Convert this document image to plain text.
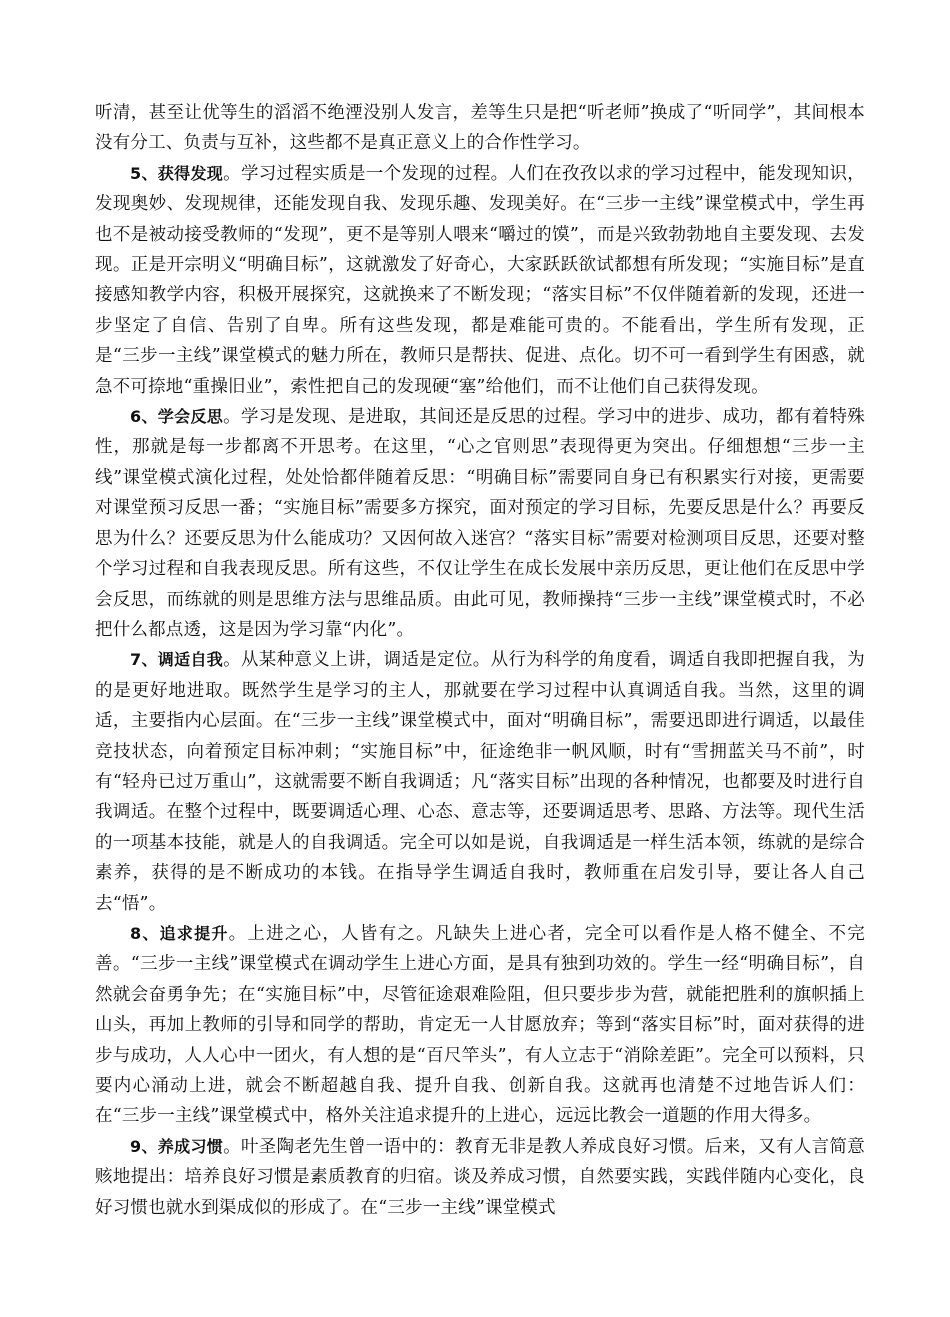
听清，甚至让优等生的滔滔不绝湮没别人发言，差等生只是把“听老师”换成了“听同学”，其间根本没有分工、负责与互补，这些都不是真正意义上的合作性学习。

5、获得发现。学习过程实质是一个发现的过程。人们在孜孜以求的学习过程中，能发现知识，发现奥妙、发现规律，还能发现自我、发现乐趣、发现美好。在“三步一主线”课堂模式中，学生再也不是被动接受教师的“发现”，更不是等别人喂来“嚼过的馍”，而是兴致勃勃地自主要发现、去发现。正是开宗明义“明确目标”，这就激发了好奇心，大家跃跃欲试都想有所发现；“实施目标”是直接感知教学内容，积极开展探究，这就换来了不断发现；“落实目标”不仅伴随着新的发现，还进一步坚定了自信、告别了自卑。所有这些发现，都是难能可贵的。不能看出，学生所有发现，正是“三步一主线”课堂模式的魅力所在，教师只是帮扶、促进、点化。切不可一看到学生有困惑，就急不可捺地“重操旧业”，索性把自己的发现硬“塞”给他们，而不让他们自己获得发现。

6、学会反思。学习是发现、是进取，其间还是反思的过程。学习中的进步、成功，都有着特殊性，那就是每一步都离不开思考。在这里，“心之官则思”表现得更为突出。仔细想想“三步一主线”课堂模式演化过程，处处恰都伴随着反思：“明确目标”需要同自身已有积累实行对接，更需要对课堂预习反思一番；“实施目标”需要多方探究，面对预定的学习目标，先要反思是什么？再要反思为什么？还要反思为什么能成功？又因何故入迷宫？“落实目标”需要对检测项目反思，还要对整个学习过程和自我表现反思。所有这些，不仅让学生在成长发展中亲历反思，更让他们在反思中学会反思，而练就的则是思维方法与思维品质。由此可见，教师操持“三步一主线”课堂模式时，不必把什么都点透，这是因为学习靠“内化”。

7、调适自我。从某种意义上讲，调适是定位。从行为科学的角度看，调适自我即把握自我，为的是更好地进取。既然学生是学习的主人，那就要在学习过程中认真调适自我。当然，这里的调适，主要指内心层面。在“三步一主线”课堂模式中，面对“明确目标”，需要迅即进行调适，以最佳竞技状态，向着预定目标冲刺；“实施目标”中，征途绝非一帆风顺，时有“雪拥蓝关马不前”，时有“轻舟已过万重山”，这就需要不断自我调适；凡“落实目标”出现的各种情况，也都要及时进行自我调适。在整个过程中，既要调适心理、心态、意志等，还要调适思考、思路、方法等。现代生活的一项基本技能，就是人的自我调适。完全可以如是说，自我调适是一样生活本领，练就的是综合素养，获得的是不断成功的本钱。在指导学生调适自我时，教师重在启发引导，要让各人自己去“悟”。

8、追求提升。上进之心，人皆有之。凡缺失上进心者，完全可以看作是人格不健全、不完善。“三步一主线”课堂模式在调动学生上进心方面，是具有独到功效的。学生一经“明确目标”，自然就会奋勇争先；在“实施目标”中，尽管征途艰难险阻，但只要步步为营，就能把胜利的旗帜插上山头，再加上教师的引导和同学的帮助，肯定无一人甘愿放弃；等到“落实目标”时，面对获得的进步与成功，人人心中一团火，有人想的是“百尺竿头”，有人立志于“消除差距”。完全可以预料，只要内心涌动上进，就会不断超越自我、提升自我、创新自我。这就再也清楚不过地告诉人们：在“三步一主线”课堂模式中，格外关注追求提升的上进心，远远比教会一道题的作用大得多。

9、养成习惯。叶圣陶老先生曾一语中的：教育无非是教人养成良好习惯。后来，又有人言简意赅地提出：培养良好习惯是素质教育的归宿。谈及养成习惯，自然要实践，实践伴随内心变化，良好习惯也就水到渠成似的形成了。在“三步一主线”课堂模式
